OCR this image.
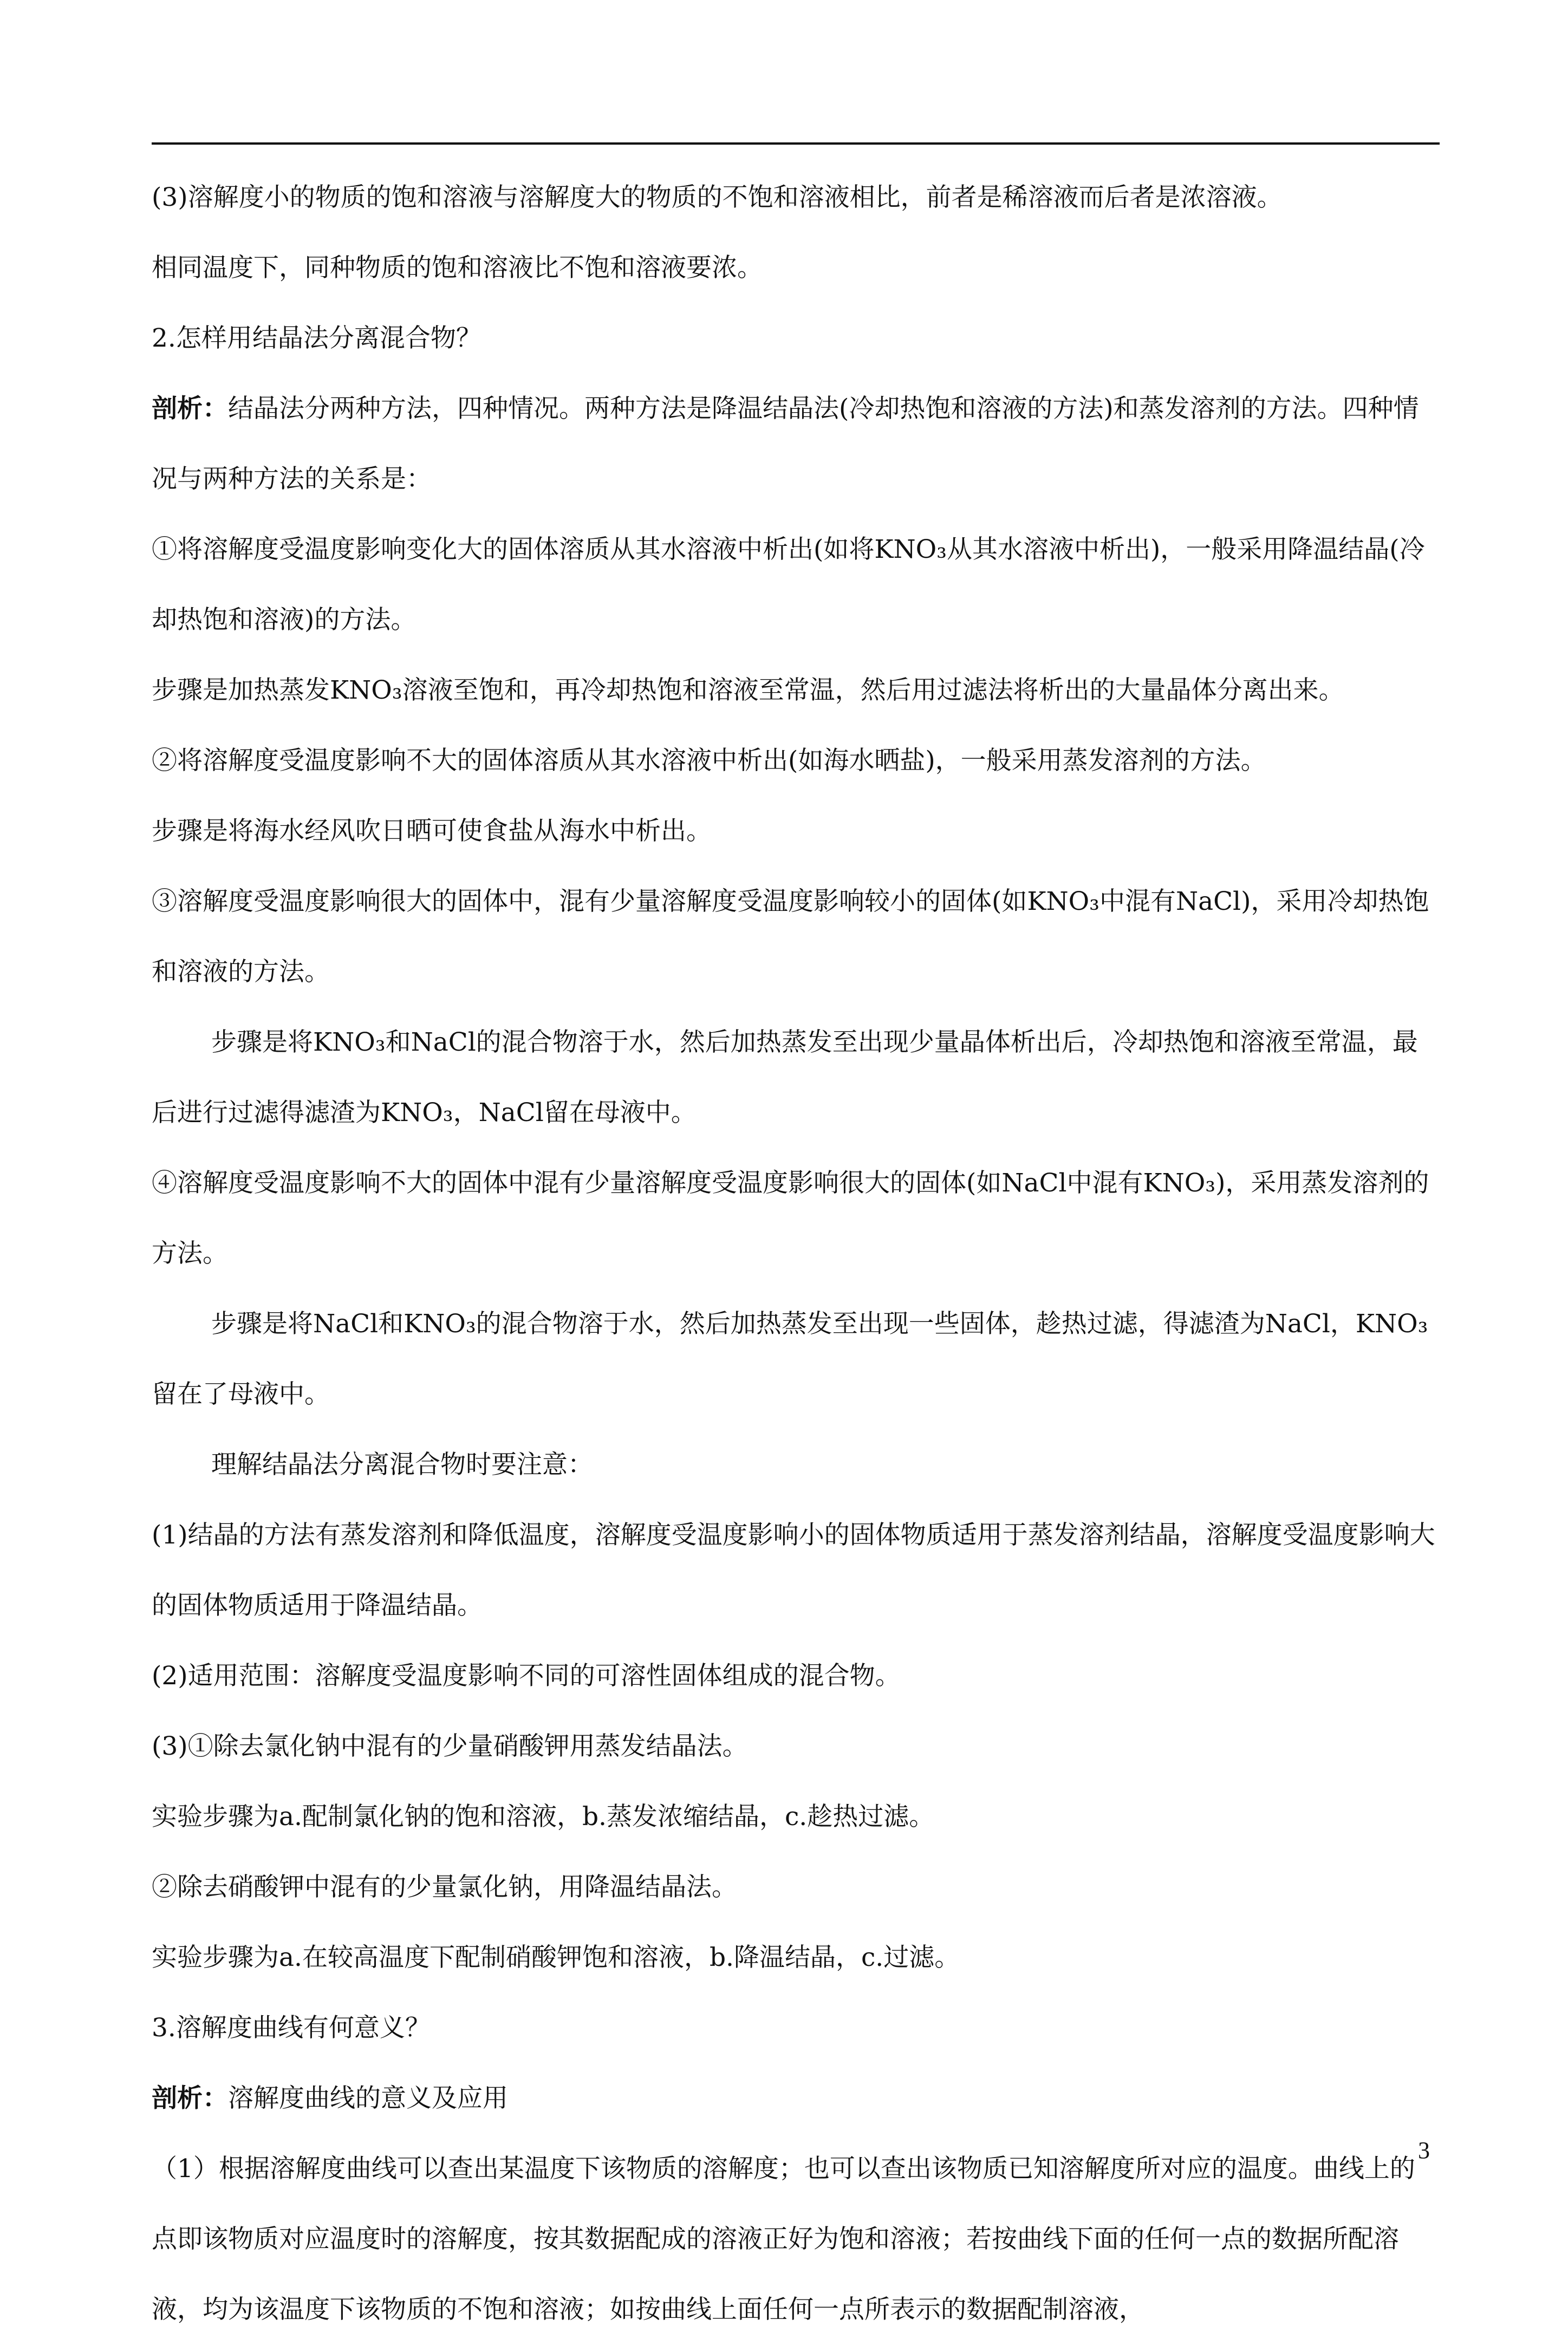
(3)溶解度小的物质的饱和溶液与溶解度大的物质的不饱和溶液相比，前者是稀溶液而后者是浓溶液。

相同温度下，同种物质的饱和溶液比不饱和溶液要浓。

2.怎样用结晶法分离混合物？

剖析：结晶法分两种方法，四种情况。两种方法是降温结晶法(冷却热饱和溶液的方法)和蒸发溶剂的方法。四种情况与两种方法的关系是：

①将溶解度受温度影响变化大的固体溶质从其水溶液中析出(如将KNO₃从其水溶液中析出)，一般采用降温结晶(冷却热饱和溶液)的方法。

步骤是加热蒸发KNO₃溶液至饱和，再冷却热饱和溶液至常温，然后用过滤法将析出的大量晶体分离出来。

②将溶解度受温度影响不大的固体溶质从其水溶液中析出(如海水晒盐)，一般采用蒸发溶剂的方法。

步骤是将海水经风吹日晒可使食盐从海水中析出。

③溶解度受温度影响很大的固体中，混有少量溶解度受温度影响较小的固体(如KNO₃中混有NaCl)，采用冷却热饱和溶液的方法。

步骤是将KNO₃和NaCl的混合物溶于水，然后加热蒸发至出现少量晶体析出后，冷却热饱和溶液至常温，最后进行过滤得滤渣为KNO₃，NaCl留在母液中。

④溶解度受温度影响不大的固体中混有少量溶解度受温度影响很大的固体(如NaCl中混有KNO₃)，采用蒸发溶剂的方法。

步骤是将NaCl和KNO₃的混合物溶于水，然后加热蒸发至出现一些固体，趁热过滤，得滤渣为NaCl，KNO₃留在了母液中。

理解结晶法分离混合物时要注意：

(1)结晶的方法有蒸发溶剂和降低温度，溶解度受温度影响小的固体物质适用于蒸发溶剂结晶，溶解度受温度影响大的固体物质适用于降温结晶。

(2)适用范围：溶解度受温度影响不同的可溶性固体组成的混合物。

(3)①除去氯化钠中混有的少量硝酸钾用蒸发结晶法。

实验步骤为a.配制氯化钠的饱和溶液，b.蒸发浓缩结晶，c.趁热过滤。

②除去硝酸钾中混有的少量氯化钠，用降温结晶法。

实验步骤为a.在较高温度下配制硝酸钾饱和溶液，b.降温结晶，c.过滤。

3.溶解度曲线有何意义？

剖析：溶解度曲线的意义及应用

（1）根据溶解度曲线可以查出某温度下该物质的溶解度；也可以查出该物质已知溶解度所对应的温度。曲线上的点即该物质对应温度时的溶解度，按其数据配成的溶液正好为饱和溶液；若按曲线下面的任何一点的数据所配溶液，均为该温度下该物质的不饱和溶液；如按曲线上面任何一点所表示的数据配制溶液，

3
